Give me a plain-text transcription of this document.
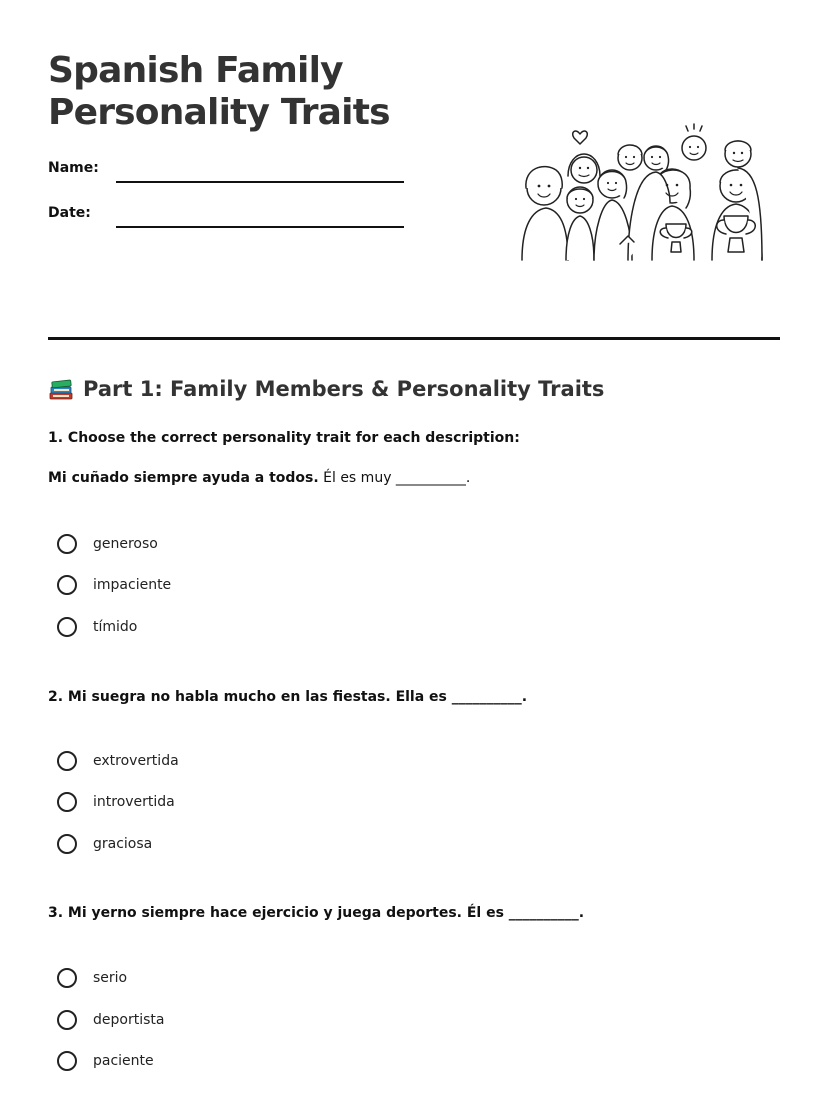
Spanish Family Personality Traits
Name:
Date:
Part 1: Family Members & Personality Traits
1. Choose the correct personality trait for each description:
Mi cuñado siempre ayuda a todos. Él es muy __________.
generoso
impaciente
tímido
2. Mi suegra no habla mucho en las fiestas. Ella es __________.
extrovertida
introvertida
graciosa
3. Mi yerno siempre hace ejercicio y juega deportes. Él es __________.
serio
deportista
paciente
